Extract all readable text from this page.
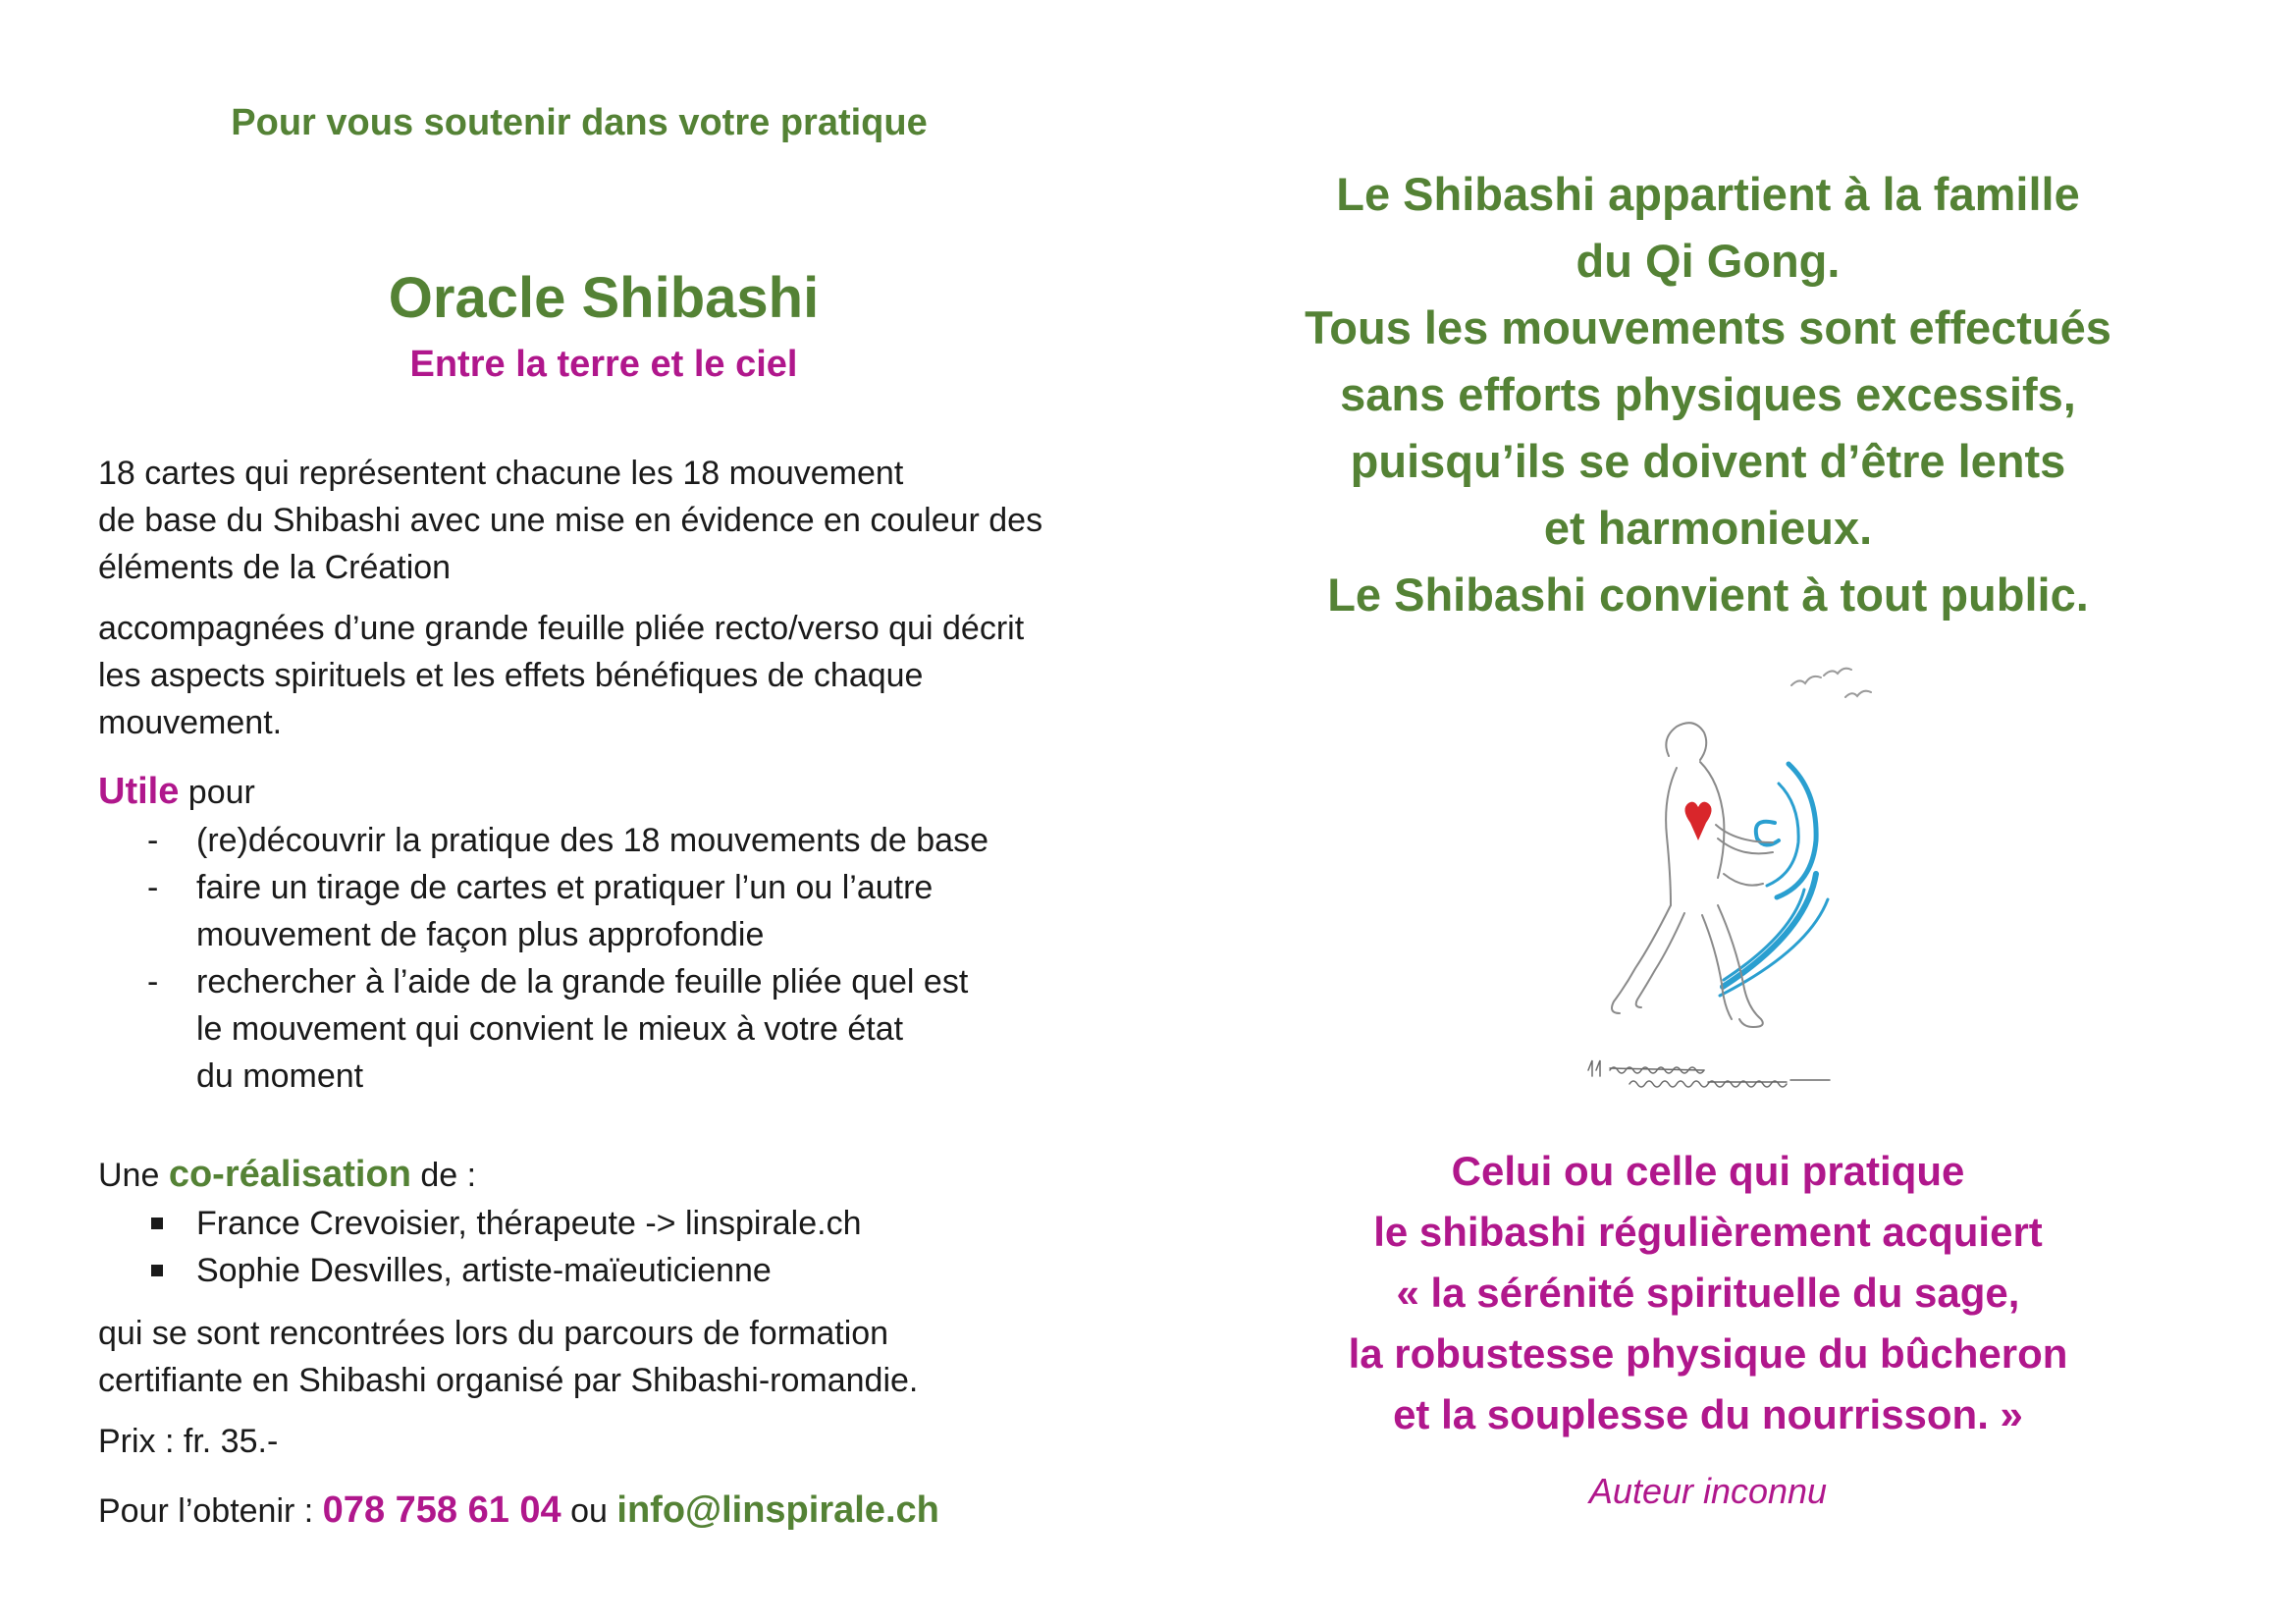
Pour vous soutenir dans votre pratique
Oracle Shibashi
Entre la terre et le ciel
18 cartes qui représentent chacune les 18 mouvement
de base du Shibashi avec une mise en évidence en couleur des
éléments de la Création
accompagnées d’une grande feuille pliée recto/verso qui décrit
les aspects spirituels et les effets bénéfiques de chaque
mouvement.
Utile pour
- (re)découvrir la pratique des 18 mouvements de base
- faire un tirage de cartes et pratiquer l’un ou l’autre
mouvement de façon plus approfondie
- rechercher à l’aide de la grande feuille pliée quel est
le mouvement qui convient le mieux à votre état
du moment
Une co-réalisation de :
France Crevoisier, thérapeute -> linspirale.ch
Sophie Desvilles, artiste-maïeuticienne
qui se sont rencontrées lors du parcours de formation
certifiante en Shibashi organisé par Shibashi-romandie.
Prix : fr. 35.-
Pour l’obtenir : 078 758 61 04 ou info@linspirale.ch
Le Shibashi appartient à la famille
du Qi Gong.
Tous les mouvements sont effectués
sans efforts physiques excessifs,
puisqu’ils se doivent d’être lents
et harmonieux.
Le Shibashi convient à tout public.
Celui ou celle qui pratique
le shibashi régulièrement acquiert
« la sérénité spirituelle du sage,
la robustesse physique du bûcheron
et la souplesse du nourrisson. »
Auteur inconnu
